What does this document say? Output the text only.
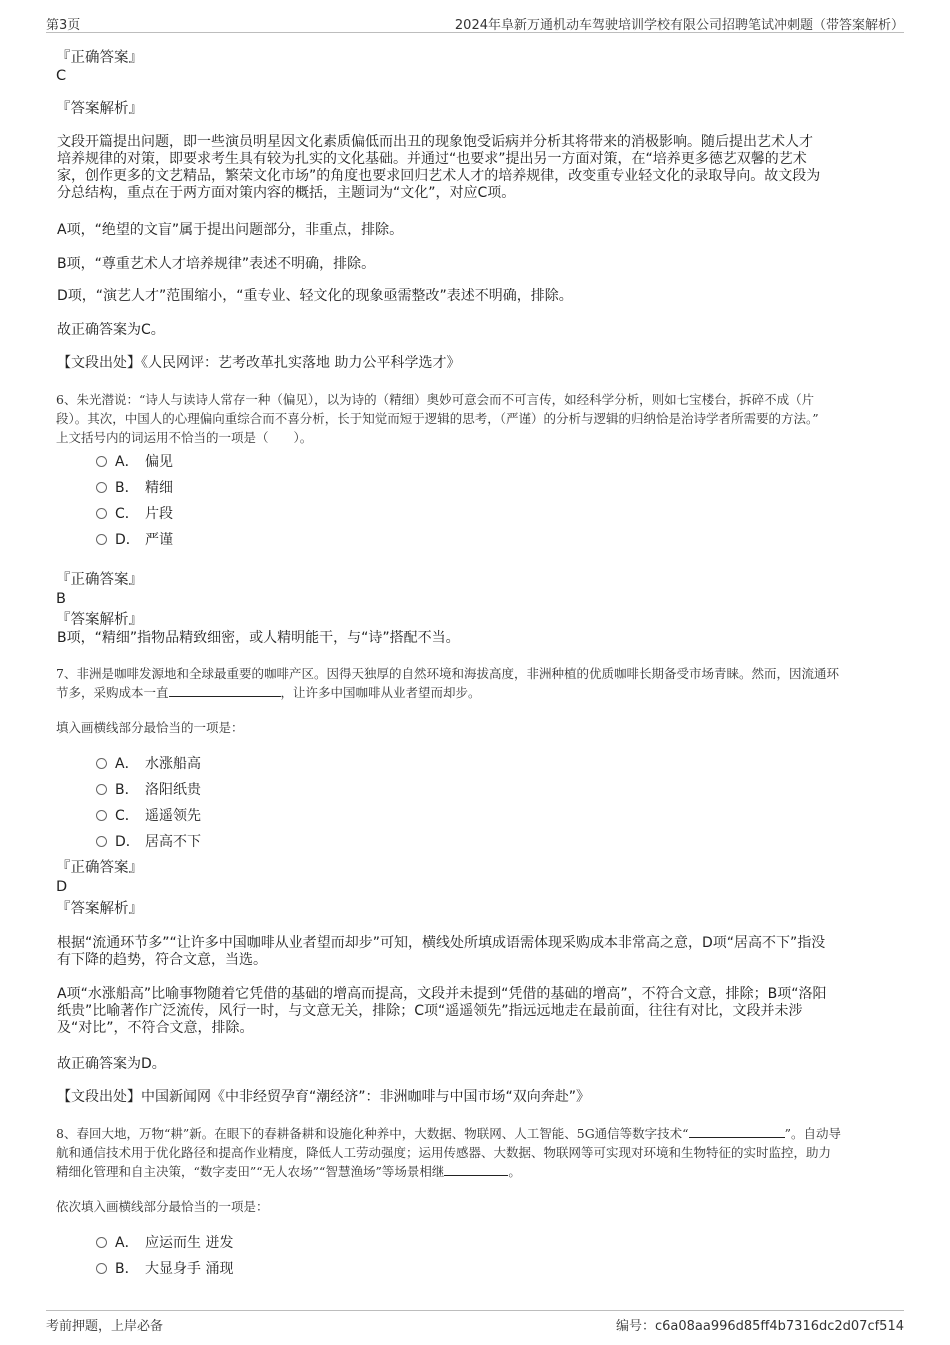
第3页	2024年阜新万通机动车驾驶培训学校有限公司招聘笔试冲刺题（带答案解析）
『正确答案』
C
『答案解析』
文段开篇提出问题，即一些演员明星因文化素质偏低而出丑的现象饱受诟病并分析其将带来的消极影响。随后提出艺术人才
培养规律的对策，即要求考生具有较为扎实的文化基础。并通过“也要求”提出另一方面对策，在“培养更多德艺双馨的艺术
家，创作更多的文艺精品，繁荣文化市场”的角度也要求回归艺术人才的培养规律，改变重专业轻文化的录取导向。故文段为
分总结构，重点在于两方面对策内容的概括，主题词为“文化”，对应C项。
A项，“绝望的文盲”属于提出问题部分，非重点，排除。
B项，“尊重艺术人才培养规律”表述不明确，排除。
D项，“演艺人才”范围缩小，“重专业、轻文化的现象亟需整改”表述不明确，排除。
故正确答案为C。
【文段出处】《人民网评：艺考改革扎实落地 助力公平科学选才》
6、朱光潜说：“诗人与读诗人常存一种（偏见），以为诗的（精细）奥妙可意会而不可言传，如经科学分析，则如七宝楼台，拆碎不成（片
段）。其次，中国人的心理偏向重综合而不喜分析，长于知觉而短于逻辑的思考，（严谨）的分析与逻辑的归纳恰是治诗学者所需要的方法。”
上文括号内的词运用不恰当的一项是（　　）。
A． 偏见
B． 精细
C． 片段
D． 严谨
『正确答案』
B
『答案解析』
B项，“精细”指物品精致细密，或人精明能干，与“诗”搭配不当。
7、非洲是咖啡发源地和全球最重要的咖啡产区。因得天独厚的自然环境和海拔高度，非洲种植的优质咖啡长期备受市场青睐。然而，因流通环
节多，采购成本一直	，让许多中国咖啡从业者望而却步。
填入画横线部分最恰当的一项是：
A． 水涨船高
B． 洛阳纸贵
C． 遥遥领先
D． 居高不下
『正确答案』
D
『答案解析』
根据“流通环节多”“让许多中国咖啡从业者望而却步”可知，横线处所填成语需体现采购成本非常高之意，D项“居高不下”指没
有下降的趋势，符合文意，当选。
A项“水涨船高”比喻事物随着它凭借的基础的增高而提高，文段并未提到“凭借的基础的增高”，不符合文意，排除；B项“洛阳
纸贵”比喻著作广泛流传，风行一时，与文意无关，排除；C项“遥遥领先”指远远地走在最前面，往往有对比，文段并未涉
及“对比”，不符合文意，排除。
故正确答案为D。
【文段出处】中国新闻网《中非经贸孕育“潮经济”：非洲咖啡与中国市场“双向奔赴”》
8、春回大地，万物“耕”新。在眼下的春耕备耕和设施化种养中，大数据、物联网、人工智能、5G通信等数字技术“	”。自动导
航和通信技术用于优化路径和提高作业精度，降低人工劳动强度；运用传感器、大数据、物联网等可实现对环境和生物特征的实时监控，助力
精细化管理和自主决策，“数字麦田”“无人农场”“智慧渔场”等场景相继	。
依次填入画横线部分最恰当的一项是：
A． 应运而生 迸发
B． 大显身手 涌现
考前押题，上岸必备	编号：c6a08aa996d85ff4b7316dc2d07cf514
